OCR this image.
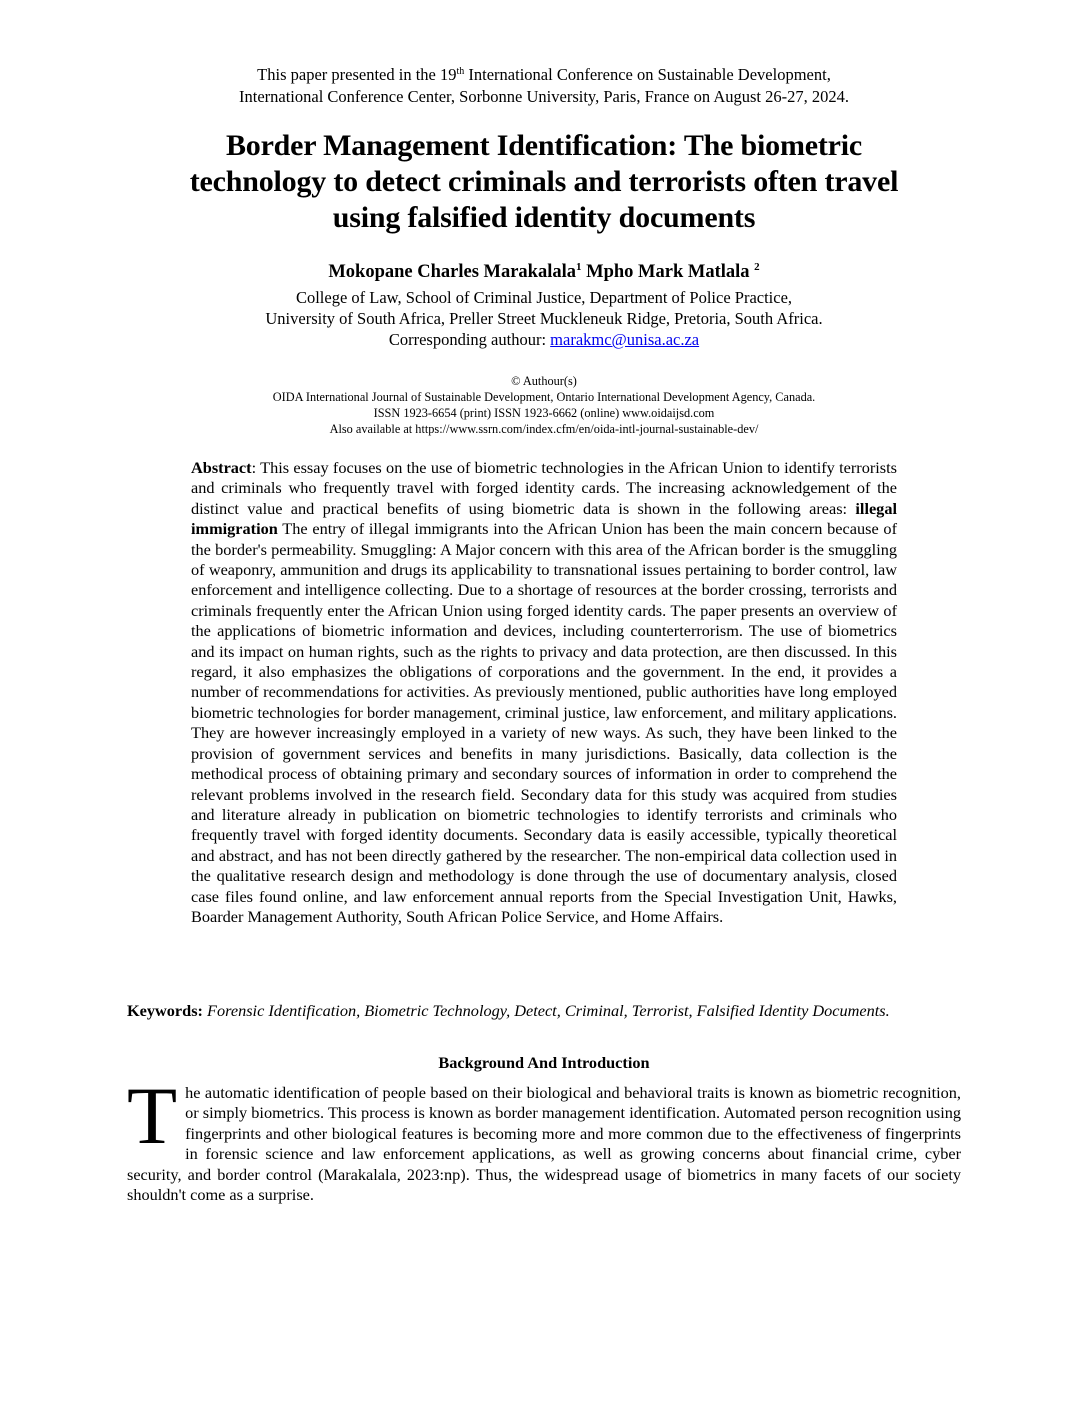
This paper presented in the 19th International Conference on Sustainable Development,
International Conference Center, Sorbonne University, Paris, France on August 26-27, 2024.
Border Management Identification: The biometric
technology to detect criminals and terrorists often travel
using falsified identity documents
Mokopane Charles Marakalala$^1$ Mpho Mark Matlala $^2$
College of Law, School of Criminal Justice, Department of Police Practice,
University of South Africa, Preller Street Muckleneuk Ridge, Pretoria, South Africa.
Corresponding authour: marakmc@unisa.ac.za
© Authour(s)
OIDA International Journal of Sustainable Development, Ontario International Development Agency, Canada.
ISSN 1923-6654 (print) ISSN 1923-6662 (online) www.oidaijsd.com
Also available at https://www.ssrn.com/index.cfm/en/oida-intl-journal-sustainable-dev/
Abstract: This essay focuses on the use of biometric technologies in the African Union to identify terrorists and criminals who frequently travel with forged identity cards. The increasing acknowledgement of the distinct value and practical benefits of using biometric data is shown in the following areas: illegal immigration The entry of illegal immigrants into the African Union has been the main concern because of the border's permeability. Smuggling: A Major concern with this area of the African border is the smuggling of weaponry, ammunition and drugs its applicability to transnational issues pertaining to border control, law enforcement and intelligence collecting. Due to a shortage of resources at the border crossing, terrorists and criminals frequently enter the African Union using forged identity cards. The paper presents an overview of the applications of biometric information and devices, including counterterrorism. The use of biometrics and its impact on human rights, such as the rights to privacy and data protection, are then discussed. In this regard, it also emphasizes the obligations of corporations and the government. In the end, it provides a number of recommendations for activities. As previously mentioned, public authorities have long employed biometric technologies for border management, criminal justice, law enforcement, and military applications. They are however increasingly employed in a variety of new ways. As such, they have been linked to the provision of government services and benefits in many jurisdictions. Basically, data collection is the methodical process of obtaining primary and secondary sources of information in order to comprehend the relevant problems involved in the research field. Secondary data for this study was acquired from studies and literature already in publication on biometric technologies to identify terrorists and criminals who frequently travel with forged identity documents. Secondary data is easily accessible, typically theoretical and abstract, and has not been directly gathered by the researcher. The non-empirical data collection used in the qualitative research design and methodology is done through the use of documentary analysis, closed case files found online, and law enforcement annual reports from the Special Investigation Unit, Hawks, Boarder Management Authority, South African Police Service, and Home Affairs.
Keywords: Forensic Identification, Biometric Technology, Detect, Criminal, Terrorist, Falsified Identity Documents.
Background And Introduction
The automatic identification of people based on their biological and behavioral traits is known as biometric recognition, or simply biometrics. This process is known as border management identification. Automated person recognition using fingerprints and other biological features is becoming more and more common due to the effectiveness of fingerprints in forensic science and law enforcement applications, as well as growing concerns about financial crime, cyber security, and border control (Marakalala, 2023:np). Thus, the widespread usage of biometrics in many facets of our society shouldn't come as a surprise.
